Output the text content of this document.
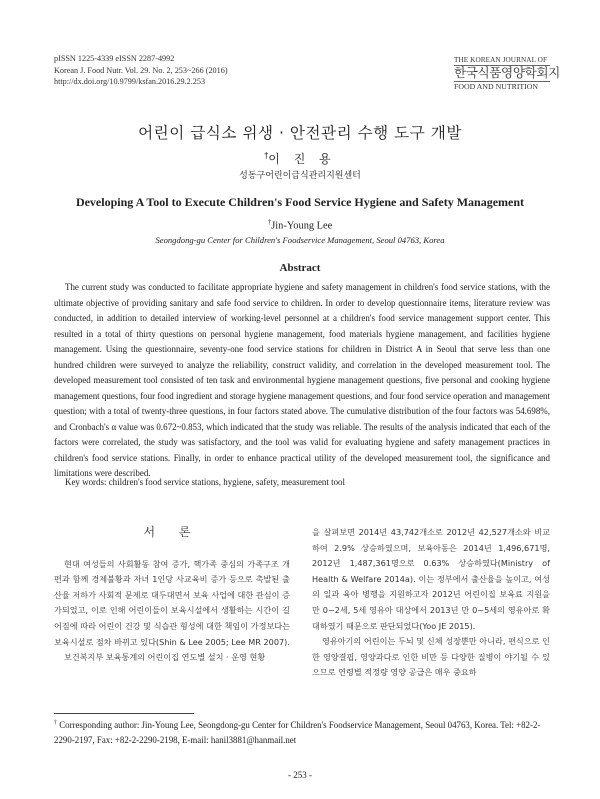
pISSN 1225-4339 eISSN 2287-4992
Korean J. Food Nutr. Vol. 29. No. 2, 253~266 (2016)
http://dx.doi.org/10.9799/ksfan.2016.29.2.253
THE KOREAN JOURNAL OF
한국식품영양학회지
FOOD AND NUTRITION
어린이 급식소 위생 · 안전관리 수행 도구 개발
†이 진 용
성동구어린이급식관리지원센터
Developing A Tool to Execute Children's Food Service Hygiene and Safety Management
†Jin-Young Lee
Seongdong-gu Center for Children's Foodservice Management, Seoul 04763, Korea
Abstract

The current study was conducted to facilitate appropriate hygiene and safety management in children's food service stations, with the ultimate objective of providing sanitary and safe food service to children. In order to develop questionnaire items, literature review was conducted, in addition to detailed interview of working-level personnel at a children's food service management support center. This resulted in a total of thirty questions on personal hygiene management, food materials hygiene management, and facilities hygiene management. Using the questionnaire, seventy-one food service stations for children in District A in Seoul that serve less than one hundred children were surveyed to analyze the reliability, construct validity, and correlation in the developed measurement tool. The developed measurement tool consisted of ten task and environmental hygiene management questions, five personal and cooking hygiene management questions, four food ingredient and storage hygiene management questions, and four food service operation and management question; with a total of twenty-three questions, in four factors stated above. The cumulative distribution of the four factors was 54.698%, and Cronbach's α value was 0.672~0.853, which indicated that the study was reliable. The results of the analysis indicated that each of the factors were correlated, the study was satisfactory, and the tool was valid for evaluating hygiene and safety management practices in children's food service stations. Finally, in order to enhance practical utility of the developed measurement tool, the significance and limitations were described.

Key words: children's food service stations, hygiene, safety, measurement tool
서 론

현대 여성들의 사회활동 참여 증가, 핵가족 중심의 가족구조 개편과 함께 경제불황과 자녀 1인당 사교육비 증가 등으로 촉발된 출산율 저하가 사회적 문제로 대두대면서 보육 사업에 대한 관심이 증가되었고, 이로 인해 어린이들이 보육시설에서 생활하는 시간이 길어짐에 따라 어린이 건강 및 식습관 형성에 대한 책임이 가정보다는 보육시설로 점차 바뀌고 있다(Shin & Lee 2005; Lee MR 2007).

보건복지부 보육통계의 어린이집 연도별 설치 · 운영 현황

을 살펴보면 2014년 43,742개소로 2012년 42,527개소와 비교하여 2.9% 상승하였으며, 보육아동은 2014년 1,496,671명, 2012년 1,487,361명으로 0.63% 상승하였다(Ministry of Health & Welfare 2014a). 이는 정부에서 출산율을 높이고, 여성의 일과 육아 병행을 지원하고자 2012년 어린이집 보육료 지원을 만 0~2세, 5세 영유아 대상에서 2013년 만 0~5세의 영유아로 확대하였기 때문으로 판단되었다(Yoo JE 2015).

영유아기의 어린이는 두뇌 및 신체 성장뿐만 아니라, 편식으로 인한 영양결핍, 영양과다로 인한 비만 등 다양한 질병이 야기될 수 있으므로 연령별 적정량 영양 공급은 매우 중요하

† Corresponding author: Jin-Young Lee, Seongdong-gu Center for Children's Foodservice Management, Seoul 04763, Korea. Tel: +82-2-2290-2197, Fax: +82-2-2290-2198, E-mail: hanil3881@hanmail.net
- 253 -
